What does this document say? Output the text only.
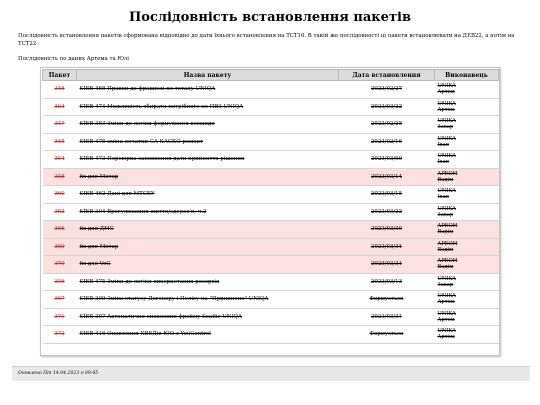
Послідовність встановлення пакетів
Послідовність встановлення пакетів сформована відповідно до дати їхнього встановлення на ТСТ16. В такій же послідовності ці пакети встановлювати на ДЕВ22, а потім на ТСТ22
Послідовність по даних Артема та Юлі
Пакет	Назва пакету	Дата встановлення	Виконавець
348	SIEB-468 Правки до фрашизи по тоталу UNIQA	2023/02/27	UNIKA
Артем

364	SIEB-474 Можливість обирати потрібного по ПВЗ UNIQA	2023/03/22	UNIKA
Артем

347	SIEB-363 Зміни до логіки формування команди	2023/02/28	UNIKA
Захар

345	SIEB-476 зміна печатки СА КАСКО ремонт	2023/02/16	UNIKA
Іван

354	SIEB-473 Перевірка заповнення дати прийняття рішення	2023/03/09	UNIKA
Іван

358	fix для Мотор	2023/03/14	APEOH
Вадім

360	SIEB-462 Дані для МТСБУ	2023/03/15	UNIKA
Іван

362	SIEB-304 Врегулювання життя/здоров'я, ч.2	2023/03/22	UNIKA
Захар

366	fix для ДМС	2023/03/30	APEOH
Вадім

369	fix для Мотор	2023/03/31	APEOH
Вадім

370	fix для VoC	2023/03/31	APEOH
Вадім

356	SIEB-475 Зміни до логіки використання резервів	2023/03/13	UNIKA
Захар

367	SIEB-309 Зміна статусу Договору і Полісу на "Припинено" UNIQA	Формується	UNIKA
Артем

371	SIEB-307 Автоматичне оновлення фрейму Seaflic UNIQA	2023/03/31	UNIKA
Артем

372	SIEB-416 Оновлення КВЕДів ЮО з YouControl	Формується	UNIKA
Артем
Оновлено Пт 14.04.2023 о 09:45
